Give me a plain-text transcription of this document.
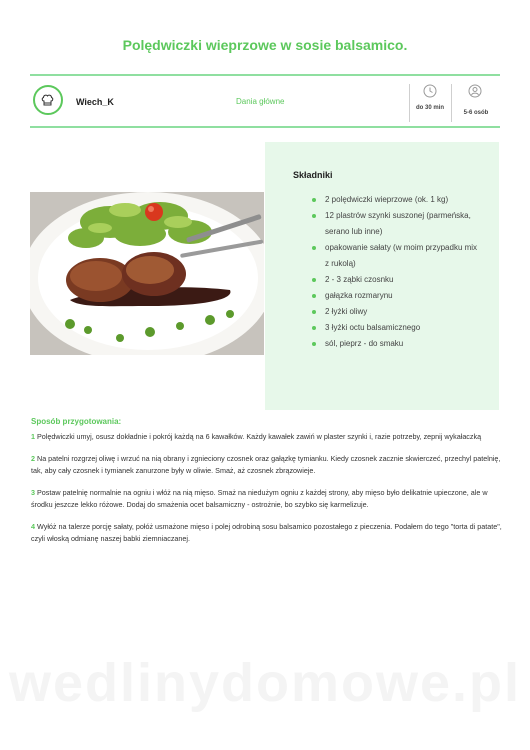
Polędwiczki wieprzowe w sosie balsamico.
Wiech_K	Dania główne
do 30 min
5-6 osób
Składniki
2 polędwiczki wieprzowe (ok. 1 kg)
12 plastrów szynki suszonej (parmeńska, serano lub inne)
opakowanie sałaty (w moim przypadku mix z rukolą)
2 - 3 ząbki czosnku
gałązka rozmarynu
2 łyżki oliwy
3 łyżki octu balsamicznego
sól, pieprz - do smaku
Sposób przygotowania:

1 Polędwiczki umyj, osusz dokładnie i pokrój każdą na 6 kawałków. Każdy kawałek zawiń w plaster szynki i, razie potrzeby, zepnij wykałaczką

2 Na patelni rozgrzej oliwę i wrzuć na nią obrany i zgnieciony czosnek oraz gałązkę tymianku. Kiedy czosnek zacznie skwierczeć, przechyl patelnię, tak, aby cały czosnek i tymianek zanurzone były w oliwie. Smaż, aż czosnek zbrązowieje.

3 Postaw patelnię normalnie na ogniu i włóż na nią mięso. Smaż na niedużym ogniu z każdej strony, aby mięso było delikatnie upieczone, ale w środku jeszcze lekko różowe. Dodaj do smażenia ocet balsamiczny - ostrożnie, bo szybko się karmelizuje.

4 Wyłóż na talerze porcję sałaty, połóż usmażone mięso i polej odrobiną sosu balsamico pozostałego z pieczenia. Podałem do tego "torta di patate", czyli włoską odmianę naszej babki ziemniaczanej.

wedlinydomowe.pl
